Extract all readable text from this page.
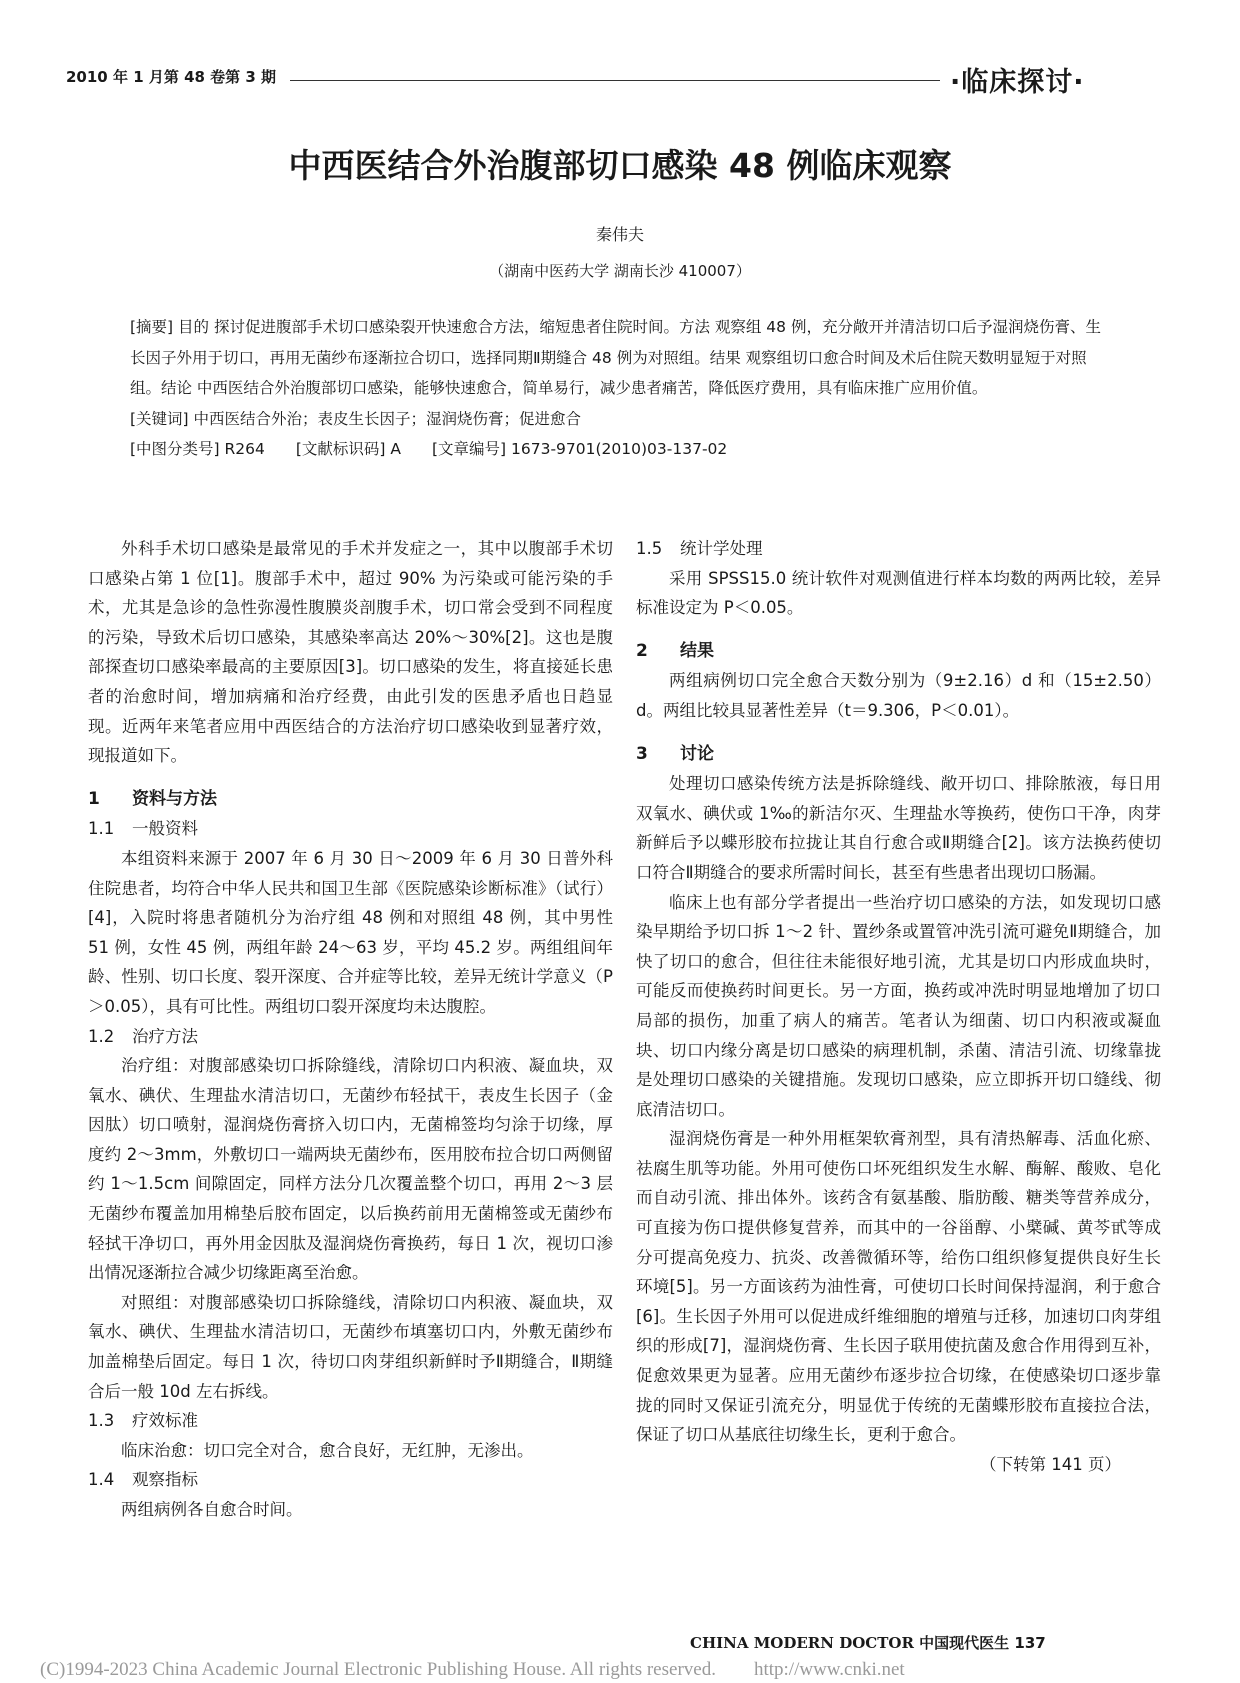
2010 年 1 月第 48 卷第 3 期	·临床探讨·
中西医结合外治腹部切口感染 48 例临床观察
秦伟夫
（湖南中医药大学 湖南长沙 410007）

[摘要] 目的 探讨促进腹部手术切口感染裂开快速愈合方法，缩短患者住院时间。方法 观察组 48 例，充分敞开并清洁切口后予湿润烧伤膏、生长因子外用于切口，再用无菌纱布逐渐拉合切口，选择同期Ⅱ期缝合 48 例为对照组。结果 观察组切口愈合时间及术后住院天数明显短于对照组。结论 中西医结合外治腹部切口感染，能够快速愈合，简单易行，减少患者痛苦，降低医疗费用，具有临床推广应用价值。

[关键词] 中西医结合外治；表皮生长因子；湿润烧伤膏；促进愈合

[中图分类号] R264　　[文献标识码] A　　[文章编号] 1673-9701(2010)03-137-02

外科手术切口感染是最常见的手术并发症之一，其中以腹部手术切口感染占第 1 位[1]。腹部手术中，超过 90% 为污染或可能污染的手术，尤其是急诊的急性弥漫性腹膜炎剖腹手术，切口常会受到不同程度的污染，导致术后切口感染，其感染率高达 20%～30%[2]。这也是腹部探查切口感染率最高的主要原因[3]。切口感染的发生，将直接延长患者的治愈时间，增加病痛和治疗经费，由此引发的医患矛盾也日趋显现。近两年来笔者应用中西医结合的方法治疗切口感染收到显著疗效，现报道如下。

1 资料与方法
1.1 一般资料

本组资料来源于 2007 年 6 月 30 日～2009 年 6 月 30 日普外科住院患者，均符合中华人民共和国卫生部《医院感染诊断标准》（试行）[4]，入院时将患者随机分为治疗组 48 例和对照组 48 例，其中男性 51 例，女性 45 例，两组年龄 24～63 岁，平均 45.2 岁。两组组间年龄、性别、切口长度、裂开深度、合并症等比较，差异无统计学意义（P＞0.05），具有可比性。两组切口裂开深度均未达腹腔。

1.2 治疗方法

治疗组：对腹部感染切口拆除缝线，清除切口内积液、凝血块，双氧水、碘伏、生理盐水清洁切口，无菌纱布轻拭干，表皮生长因子（金因肽）切口喷射，湿润烧伤膏挤入切口内，无菌棉签均匀涂于切缘，厚度约 2～3mm，外敷切口一端两块无菌纱布，医用胶布拉合切口两侧留约 1～1.5cm 间隙固定，同样方法分几次覆盖整个切口，再用 2～3 层无菌纱布覆盖加用棉垫后胶布固定，以后换药前用无菌棉签或无菌纱布轻拭干净切口，再外用金因肽及湿润烧伤膏换药，每日 1 次，视切口渗出情况逐渐拉合减少切缘距离至治愈。

对照组：对腹部感染切口拆除缝线，清除切口内积液、凝血块，双氧水、碘伏、生理盐水清洁切口，无菌纱布填塞切口内，外敷无菌纱布加盖棉垫后固定。每日 1 次，待切口肉芽组织新鲜时予Ⅱ期缝合，Ⅱ期缝合后一般 10d 左右拆线。

1.3 疗效标准

临床治愈：切口完全对合，愈合良好，无红肿，无渗出。

1.4 观察指标

两组病例各自愈合时间。

1.5 统计学处理

采用 SPSS15.0 统计软件对观测值进行样本均数的两两比较，差异标准设定为 P＜0.05。

2 结果

两组病例切口完全愈合天数分别为（9±2.16）d 和（15±2.50）d。两组比较具显著性差异（t＝9.306，P＜0.01）。

3 讨论

处理切口感染传统方法是拆除缝线、敞开切口、排除脓液，每日用双氧水、碘伏或 1‰的新洁尔灭、生理盐水等换药，使伤口干净，肉芽新鲜后予以蝶形胶布拉拢让其自行愈合或Ⅱ期缝合[2]。该方法换药使切口符合Ⅱ期缝合的要求所需时间长，甚至有些患者出现切口肠漏。

临床上也有部分学者提出一些治疗切口感染的方法，如发现切口感染早期给予切口拆 1～2 针、置纱条或置管冲洗引流可避免Ⅱ期缝合，加快了切口的愈合，但往往未能很好地引流，尤其是切口内形成血块时，可能反而使换药时间更长。另一方面，换药或冲洗时明显地增加了切口局部的损伤，加重了病人的痛苦。笔者认为细菌、切口内积液或凝血块、切口内缘分离是切口感染的病理机制，杀菌、清洁引流、切缘靠拢是处理切口感染的关键措施。发现切口感染，应立即拆开切口缝线、彻底清洁切口。

湿润烧伤膏是一种外用框架软膏剂型，具有清热解毒、活血化瘀、祛腐生肌等功能。外用可使伤口坏死组织发生水解、酶解、酸败、皂化而自动引流、排出体外。该药含有氨基酸、脂肪酸、糖类等营养成分，可直接为伤口提供修复营养，而其中的一谷甾醇、小檗碱、黄芩甙等成分可提高免疫力、抗炎、改善微循环等，给伤口组织修复提供良好生长环境[5]。另一方面该药为油性膏，可使切口长时间保持湿润，利于愈合[6]。生长因子外用可以促进成纤维细胞的增殖与迁移，加速切口肉芽组织的形成[7]，湿润烧伤膏、生长因子联用使抗菌及愈合作用得到互补，促愈效果更为显著。应用无菌纱布逐步拉合切缘，在使感染切口逐步靠拢的同时又保证引流充分，明显优于传统的无菌蝶形胶布直接拉合法，保证了切口从基底往切缘生长，更利于愈合。

（下转第 141 页）

CHINA MODERN DOCTOR 中国现代医生 137
(C)1994-2023 China Academic Journal Electronic Publishing House. All rights reserved.　　http://www.cnki.net
